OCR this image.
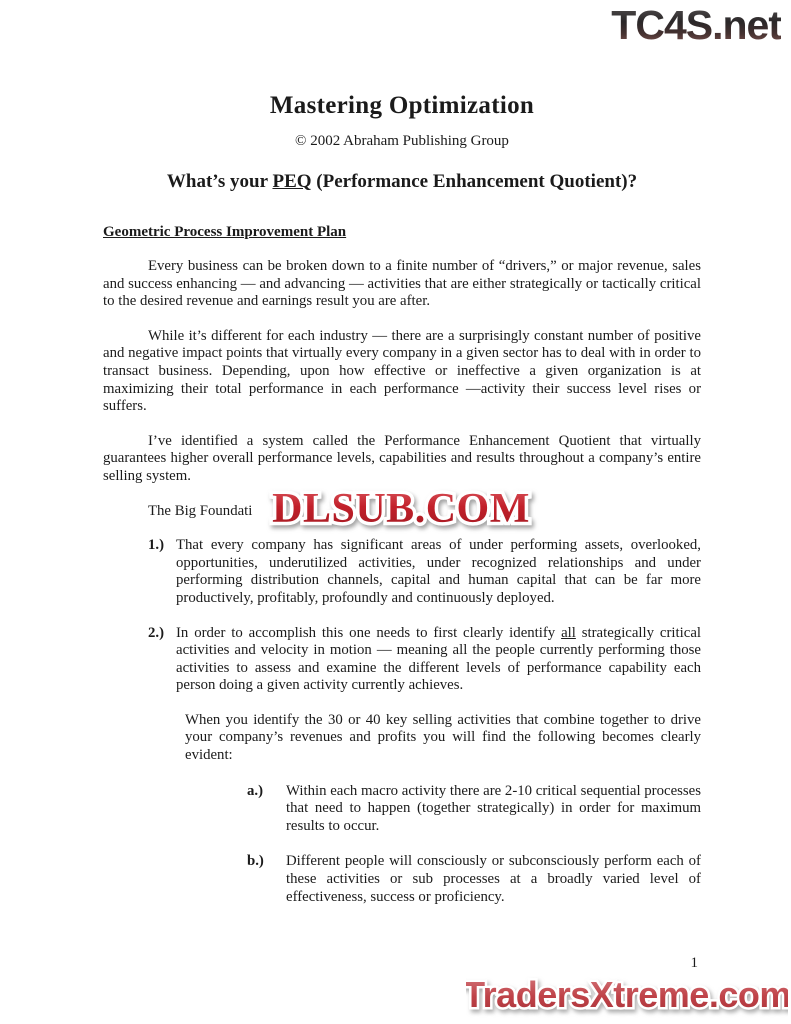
TC4S.net
Mastering Optimization
© 2002 Abraham Publishing Group
What’s your PEQ (Performance Enhancement Quotient)?
Geometric Process Improvement Plan

Every business can be broken down to a finite number of “drivers,” or major revenue, sales and success enhancing — and advancing — activities that are either strategically or tactically critical to the desired revenue and earnings result you are after.

While it’s different for each industry — there are a surprisingly constant number of positive and negative impact points that virtually every company in a given sector has to deal with in order to transact business. Depending, upon how effective or ineffective a given organization is at maximizing their total performance in each performance —activity their success level rises or suffers.

I’ve identified a system called the Performance Enhancement Quotient that virtually guarantees higher overall performance levels, capabilities and results throughout a company’s entire selling system.

The Big Foundati

1.) That every company has significant areas of under performing assets, overlooked, opportunities, underutilized activities, under recognized relationships and under performing distribution channels, capital and human capital that can be far more productively, profitably, profoundly and continuously deployed.
2.) In order to accomplish this one needs to first clearly identify all strategically critical activities and velocity in motion — meaning all the people currently performing those activities to assess and examine the different levels of performance capability each person doing a given activity currently achieves.

When you identify the 30 or 40 key selling activities that combine together to drive your company’s revenues and profits you will find the following becomes clearly evident:

a.)	Within each macro activity there are 2-10 critical sequential processes that need to happen (together strategically) in order for maximum results to occur.
b.)	Different people will consciously or subconsciously perform each of these activities or sub processes at a broadly varied level of effectiveness, success or proficiency.
DLSUB.COM
1
TradersXtreme.com
